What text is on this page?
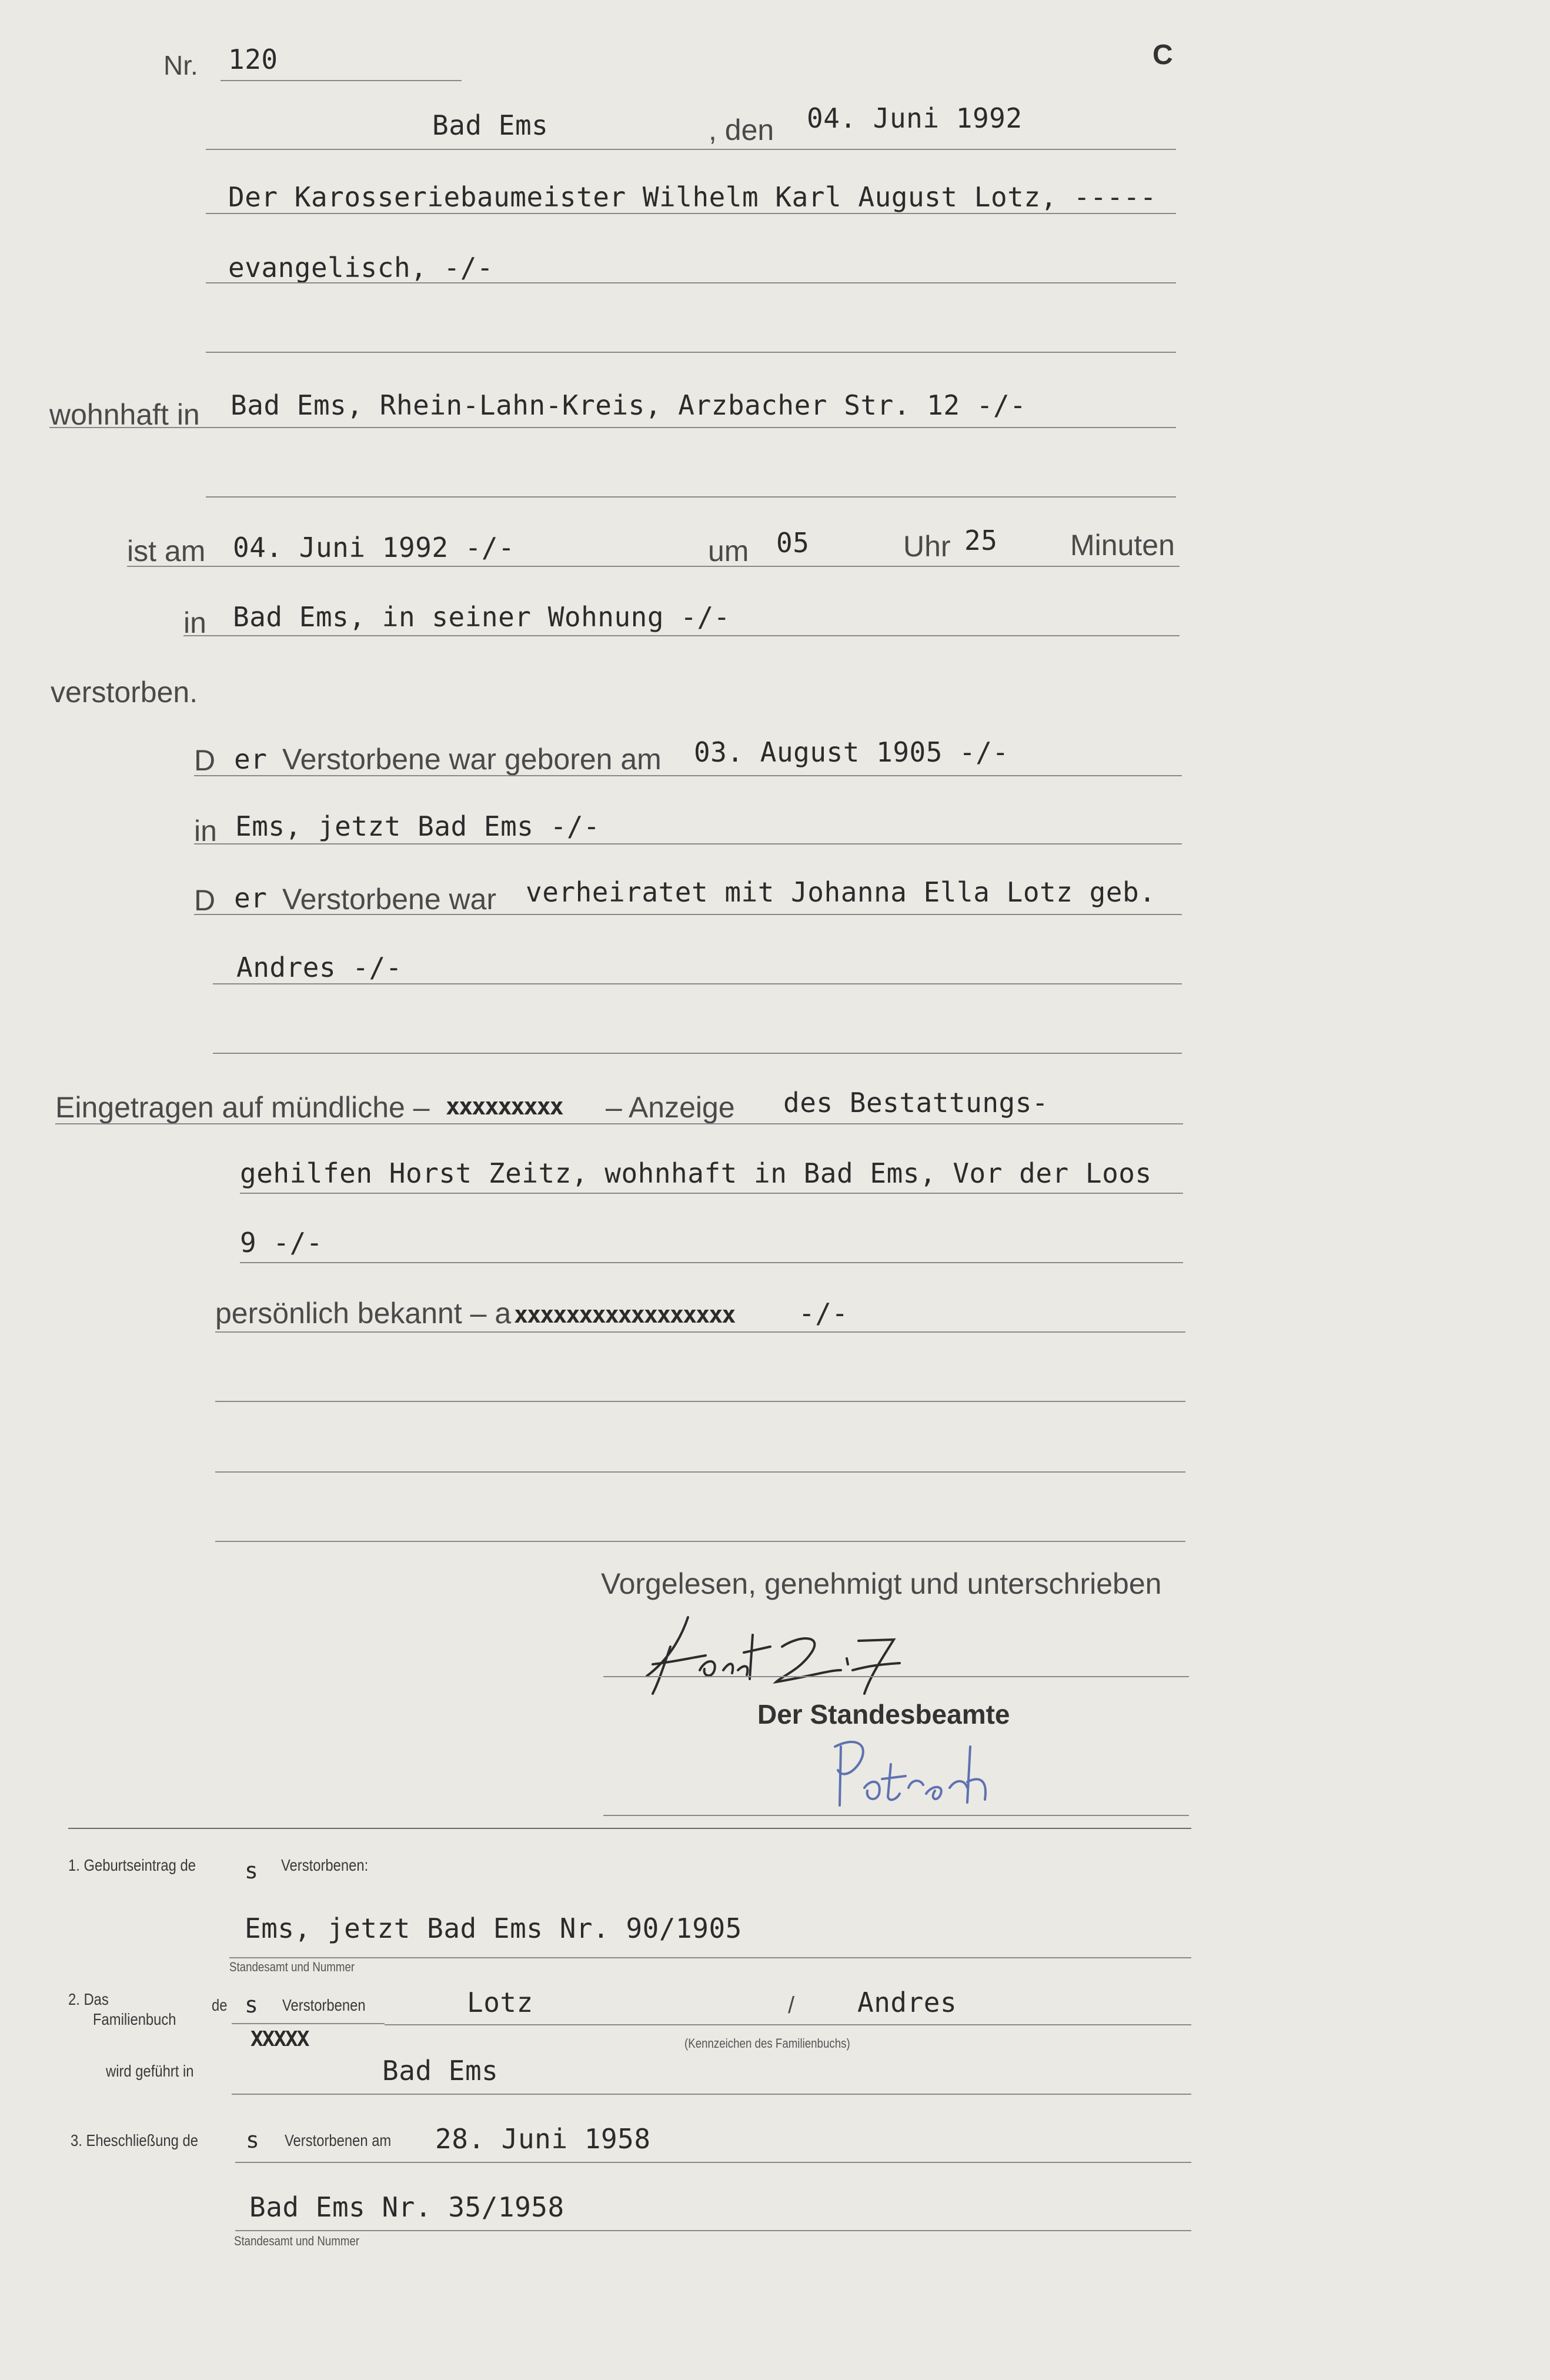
Nr. 120	C
Bad Ems	, den 04. Juni 1992
Der Karosseriebaumeister Wilhelm Karl August Lotz, -----
evangelisch, -/-
wohnhaft in Bad Ems, Rhein-Lahn-Kreis, Arzbacher Str. 12 -/-
ist am 04. Juni 1992 -/-	um 05	Uhr 25 Minuten
in Bad Ems, in seiner Wohnung -/-
verstorben.
D er Verstorbene war geboren am 03. August 1905 -/-
in Ems, jetzt Bad Ems -/-
D er Verstorbene war verheiratet mit Johanna Ella Lotz geb.
Andres -/-
Eingetragen auf mündliche – xxxxxxxxx – Anzeige des Bestattungs-
gehilfen Horst Zeitz, wohnhaft in Bad Ems, Vor der Loos
9 -/-
persönlich bekannt – a xxxxxxxxxxxxxxxxx -/-
Vorgelesen, genehmigt und unterschrieben
Der Standesbeamte
1. Geburtseintrag de s Verstorbenen:
Ems, jetzt Bad Ems Nr. 90/1905
Standesamt und Nummer
2. Das
Familienbuch
de s Verstorbenen	Lotz	/ Andres
(Kennzeichen des Familienbuchs)
XXXXX
wird geführt in	Bad Ems
3. Eheschließung de s Verstorbenen am 28. Juni 1958
Bad Ems Nr. 35/1958
Standesamt und Nummer
